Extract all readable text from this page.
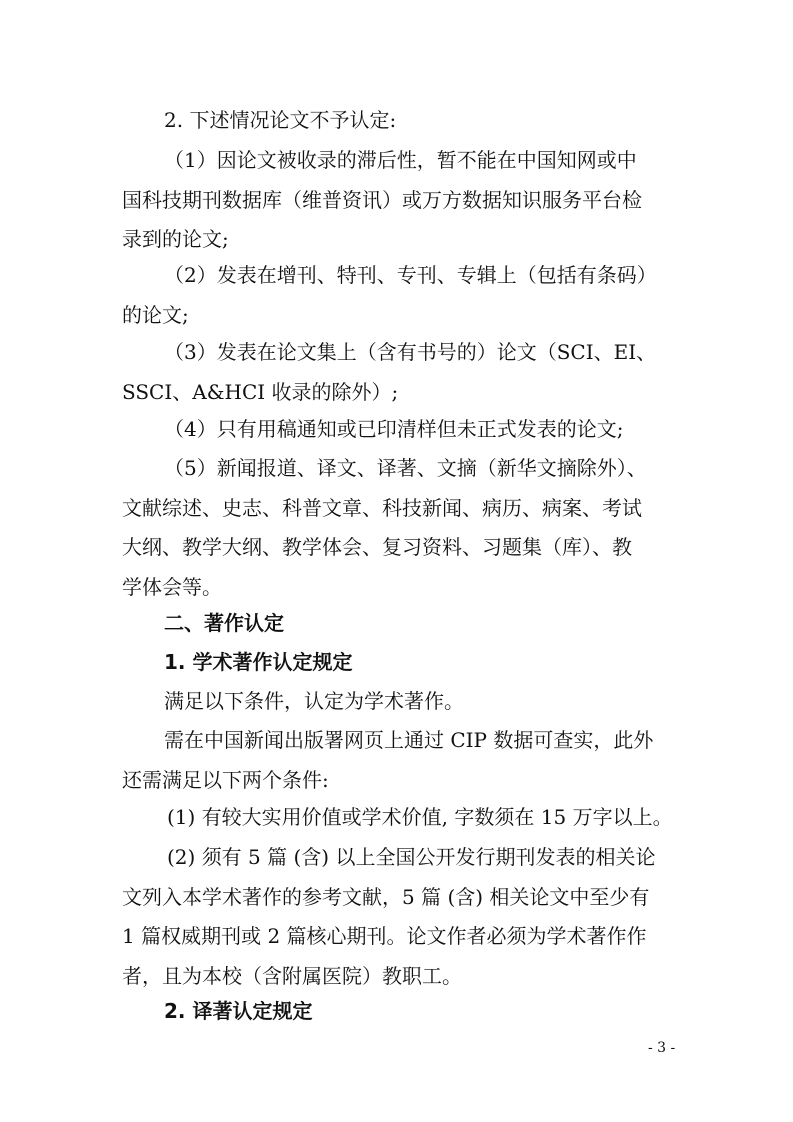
2. 下述情况论文不予认定:
（1）因论文被收录的滞后性，暂不能在中国知网或中
国科技期刊数据库（维普资讯）或万方数据知识服务平台检
录到的论文;
（2）发表在增刊、特刊、专刊、专辑上（包括有条码）
的论文;
（3）发表在论文集上（含有书号的）论文（SCI、EI、
SSCI、A&HCI 收录的除外）;
（4）只有用稿通知或已印清样但未正式发表的论文;
（5）新闻报道、译文、译著、文摘（新华文摘除外）、
文献综述、史志、科普文章、科技新闻、病历、病案、考试
大纲、教学大纲、教学体会、复习资料、习题集（库）、教
学体会等。
二、著作认定
1. 学术著作认定规定
满足以下条件，认定为学术著作。
需在中国新闻出版署网页上通过 CIP 数据可查实，此外
还需满足以下两个条件:
(1) 有较大实用价值或学术价值, 字数须在 15 万字以上。
(2) 须有 5 篇 (含) 以上全国公开发行期刊发表的相关论
文列入本学术著作的参考文献，5 篇 (含) 相关论文中至少有
1 篇权威期刊或 2 篇核心期刊。论文作者必须为学术著作作
者，且为本校（含附属医院）教职工。
2. 译著认定规定
- 3 -
